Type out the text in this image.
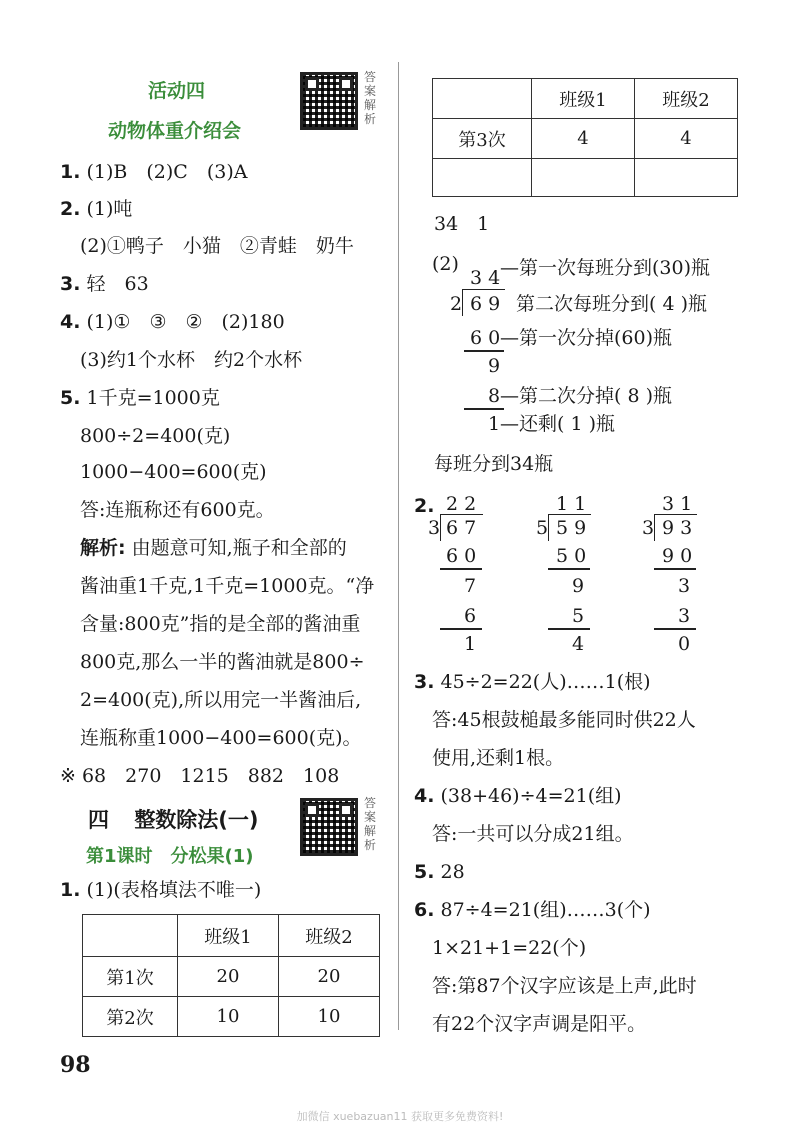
活动四
动物体重介绍会
答案解析
1. (1)B　(2)C　(3)A
2. (1)吨
(2)①鸭子　小猫　②青蛙　奶牛
3. 轻　63
4. (1)①　③　②　(2)180
(3)约1个水杯　约2个水杯
5. 1千克=1000克
800÷2=400(克)
1000−400=600(克)
答:连瓶称还有600克。
解析: 由题意可知,瓶子和全部的
酱油重1千克,1千克=1000克。“净
含量:800克”指的是全部的酱油重
800克,那么一半的酱油就是800÷
2=400(克),所以用完一半酱油后,
连瓶称重1000−400=600(克)。
※ 68　270　1215　882　108
四 整数除法(一)
第1课时　分松果(1)
答案解析
1. (1)(表格填法不唯一)
	班级1	班级2
第1次	20	20
第2次	10	10
98
	班级1	班级2
第3次	4	4

34　1
(2)
3 4
2 6 9
6 0
9
8
1
—第一次每班分到(30)瓶
第二次每班分到( 4 )瓶
—第一次分掉(60)瓶
—第二次分掉( 8 )瓶
—还剩( 1 )瓶
每班分到34瓶
2. 2 2
3 6 7
6 0
7
6
1
1 1
5 5 9
5 0
9
5
4
3 1
3 9 3
9 0
3
3
0
3. 45÷2=22(人)……1(根)
答:45根鼓槌最多能同时供22人
使用,还剩1根。
4. (38+46)÷4=21(组)
答:一共可以分成21组。
5. 28
6. 87÷4=21(组)……3(个)
1×21+1=22(个)
答:第87个汉字应该是上声,此时
有22个汉字声调是阳平。
加微信 xuebazuan11 获取更多免费资料!
